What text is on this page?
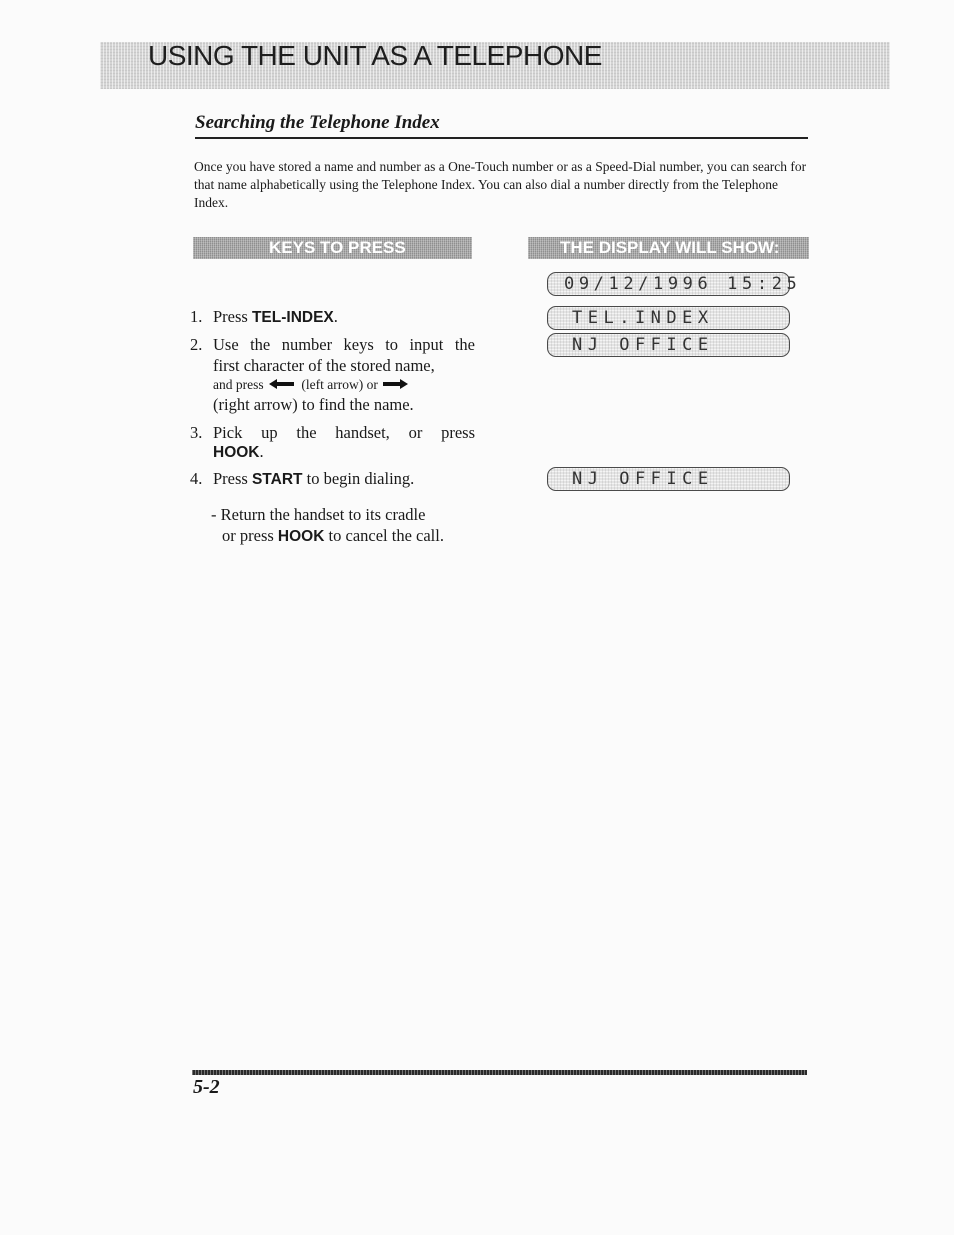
USING THE UNIT AS A TELEPHONE
Searching the Telephone Index

Once you have stored a name and number as a One-Touch number or as a Speed-Dial number, you can search for that name alphabetically using the Telephone Index. You can also dial a number directly from the Telephone Index.

KEYS TO PRESS	THE DISPLAY WILL SHOW:
1. Press TEL-INDEX.
2. Use the number keys to input the
first character of the stored name,
and press	(left arrow) or
(right arrow) to find the name.
3. Pick up the handset, or press
HOOK.
4. Press START to begin dialing.
- Return the handset to its cradle
or press HOOK to cancel the call.
09/12/1996 15:25
TEL.INDEX
NJ OFFICE
NJ OFFICE

5-2
